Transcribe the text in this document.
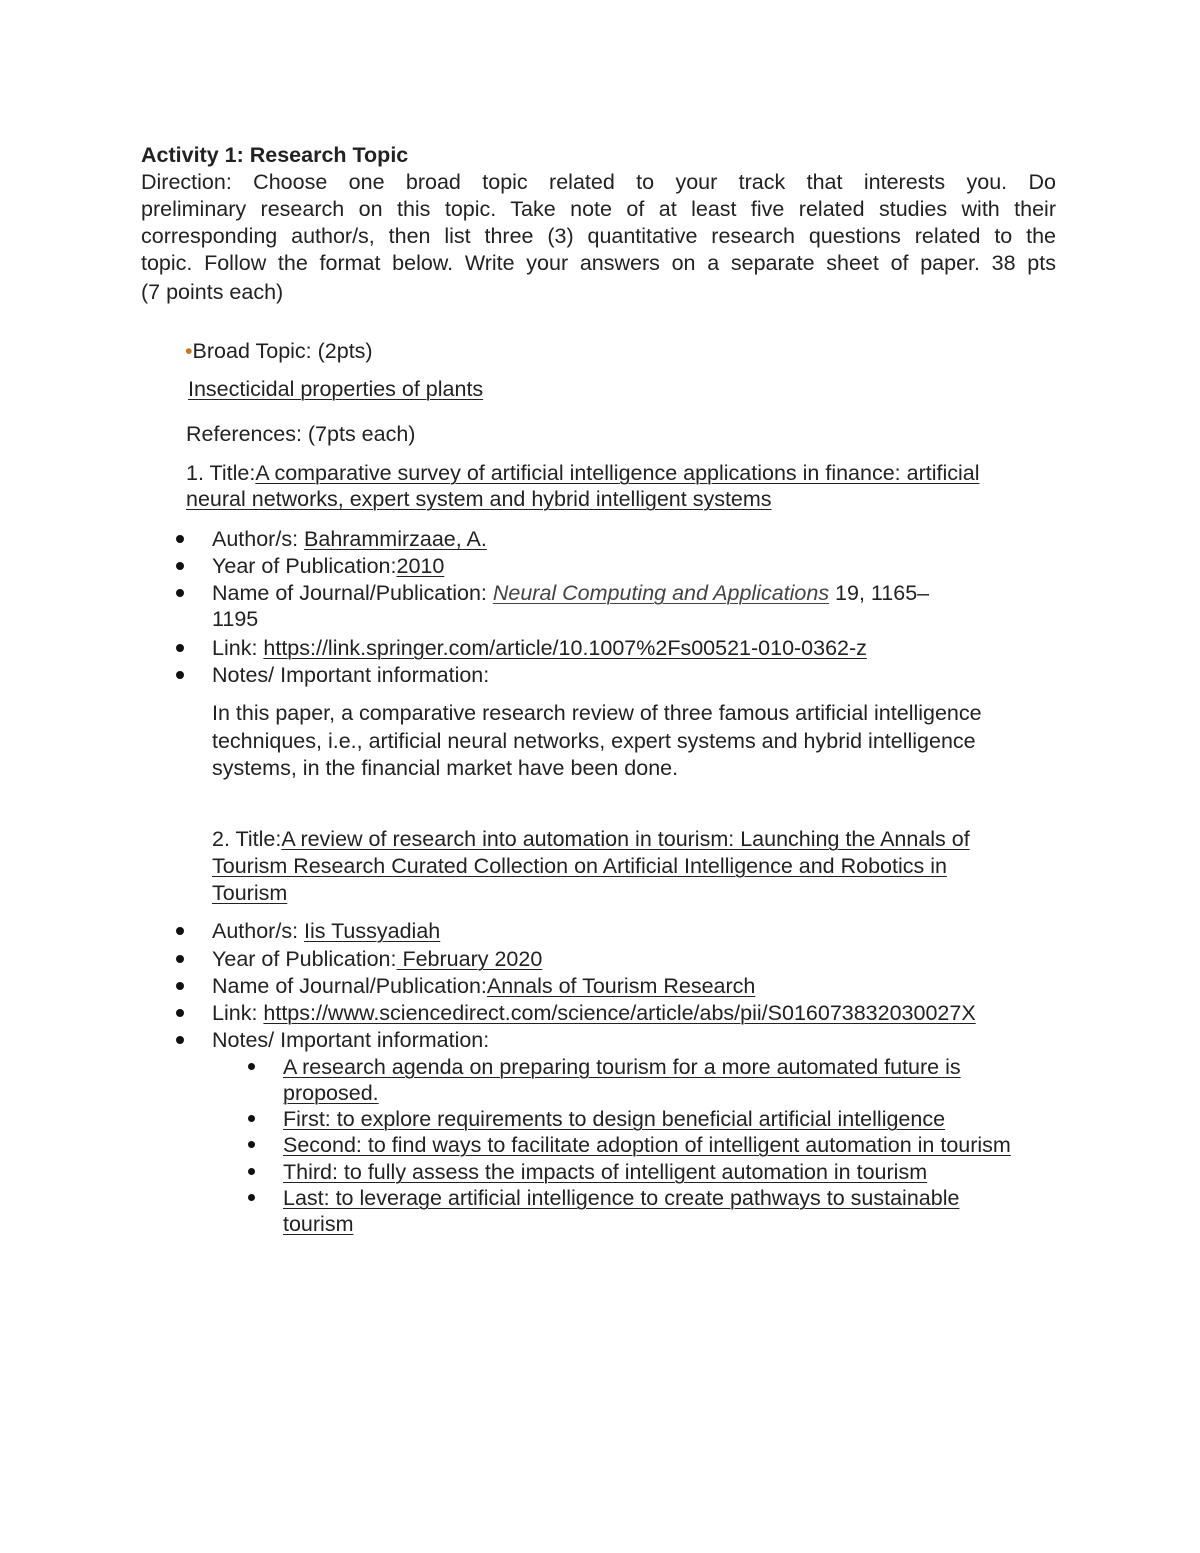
Activity 1: Research Topic
Direction: Choose one broad topic related to your track that interests you. Do
preliminary research on this topic. Take note of at least five related studies with their
corresponding author/s, then list three (3) quantitative research questions related to the
topic. Follow the format below. Write your answers on a separate sheet of paper. 38 pts
(7 points each)
•Broad Topic: (2pts)
Insecticidal properties of plants
References: (7pts each)
1. Title:A comparative survey of artificial intelligence applications in finance: artificial
neural networks, expert system and hybrid intelligent systems
Author/s: Bahrammirzaae, A.
Year of Publication:2010
Name of Journal/Publication: Neural Computing and Applications 19, 1165–
1195
Link: https://link.springer.com/article/10.1007%2Fs00521-010-0362-z
Notes/ Important information:
In this paper, a comparative research review of three famous artificial intelligence
techniques, i.e., artificial neural networks, expert systems and hybrid intelligence
systems, in the financial market have been done.
2. Title:A review of research into automation in tourism: Launching the Annals of
Tourism Research Curated Collection on Artificial Intelligence and Robotics in
Tourism
Author/s: Iis Tussyadiah
Year of Publication: February 2020
Name of Journal/Publication:Annals of Tourism Research
Link: https://www.sciencedirect.com/science/article/abs/pii/S016073832030027X
Notes/ Important information:
A research agenda on preparing tourism for a more automated future is
proposed.
First: to explore requirements to design beneficial artificial intelligence
Second: to find ways to facilitate adoption of intelligent automation in tourism
Third: to fully assess the impacts of intelligent automation in tourism
Last: to leverage artificial intelligence to create pathways to sustainable
tourism
